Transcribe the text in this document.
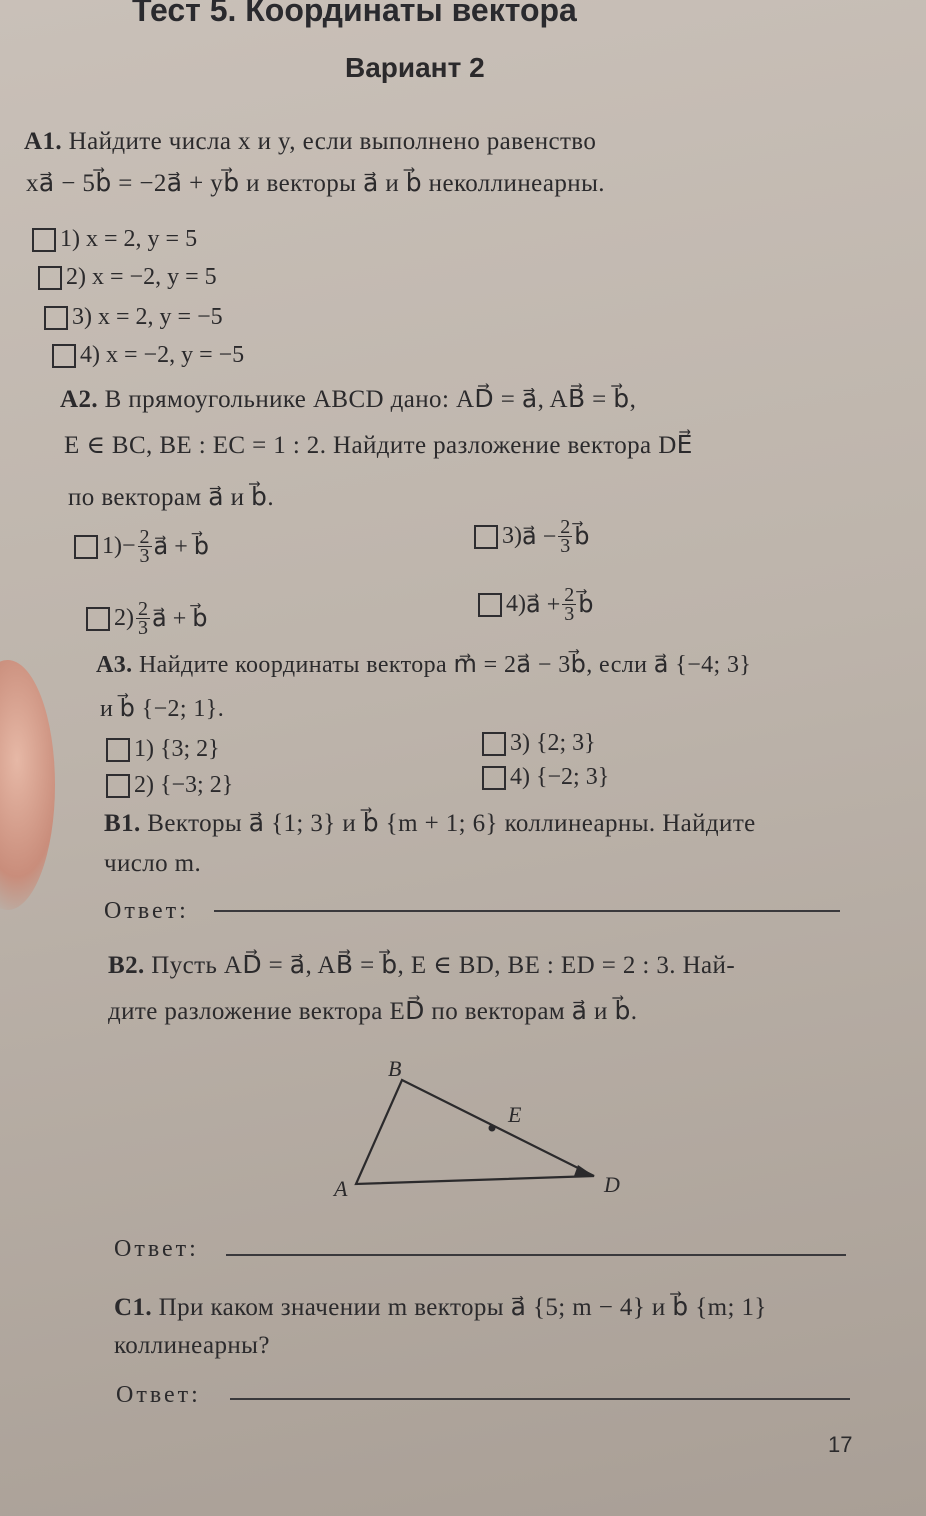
Тест 5. Координаты вектора
Вариант 2
А1. Найдите числа x и y, если выполнено равенство
xa⃗ − 5b⃗ = −2a⃗ + yb⃗ и векторы a⃗ и b⃗ неколлинеарны.
1) x = 2, y = 5
2) x = −2, y = 5
3) x = 2, y = −5
4) x = −2, y = −5
А2. В прямоугольнике ABCD дано: AD⃗ = a⃗, AB⃗ = b⃗,
E ∈ BC, BE : EC = 1 : 2. Найдите разложение вектора DE⃗
по векторам a⃗ и b⃗.
$1) - \frac{2}{3}$ a⃗ + b⃗	3) a⃗ − $\frac{2}{3}$ b⃗
$2) \frac{2}{3}$ a⃗ + b⃗
4) a⃗ + $\frac{2}{3}$ b⃗
А3. Найдите координаты вектора m⃗ = 2a⃗ − 3b⃗, если a⃗ {−4; 3}
и b⃗ {−2; 1}.
1) {3; 2}
2) {−3; 2}
3) {2; 3}
4) {−2; 3}
В1. Векторы a⃗ {1; 3} и b⃗ {m + 1; 6} коллинеарны. Найдите
число m.
Ответ:
В2. Пусть AD⃗ = a⃗, AB⃗ = b⃗, E ∈ BD, BE : ED = 2 : 3. Най-
дите разложение вектора ED⃗ по векторам a⃗ и b⃗.
B
E
A	D
Ответ:
С1. При каком значении m векторы a⃗ {5; m − 4} и b⃗ {m; 1}
коллинеарны?
Ответ:
17
